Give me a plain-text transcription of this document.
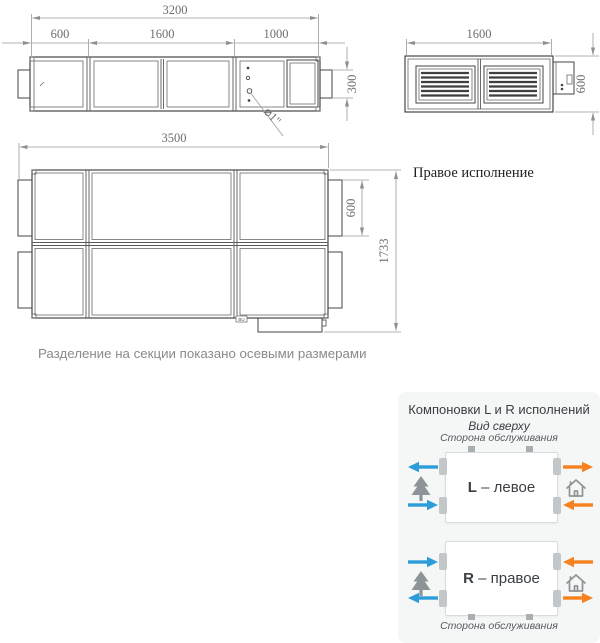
3200
600	1600	1000
300
⌀1"
1600
600
BU
3500
600
1733
Правое исполнение
Разделение на секции показано осевыми размерами
Компоновки L и R исполнений
Вид сверху
Сторона обслуживания
L – левое
R – правое
Сторона обслуживания
